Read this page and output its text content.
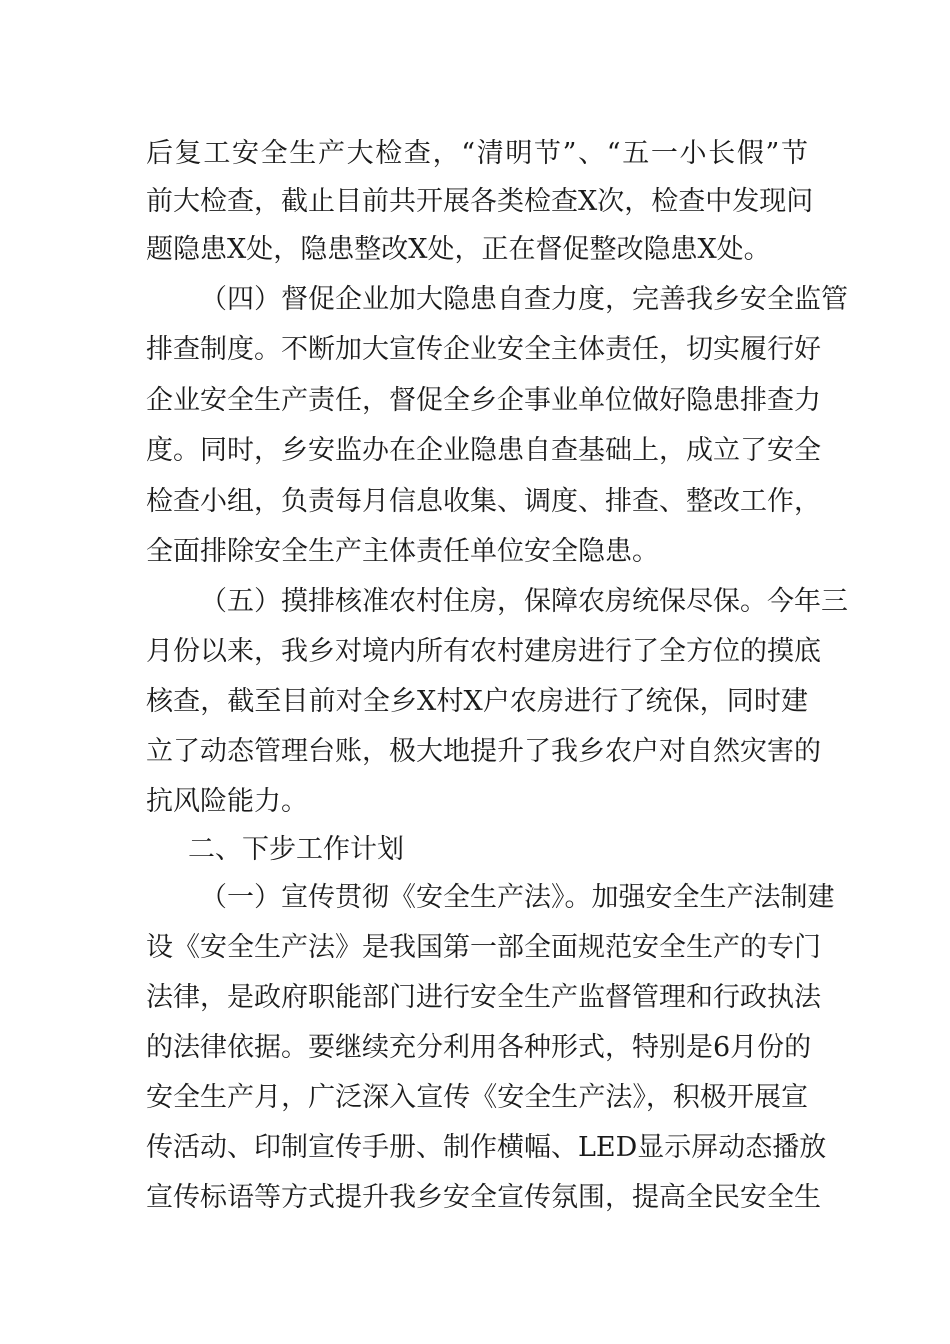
后复工安全生产大检查，“清明节”、“五一小长假”节
前大检查，截止目前共开展各类检查X次，检查中发现问
题隐患X处，隐患整改X处，正在督促整改隐患X处。
（四）督促企业加大隐患自查力度，完善我乡安全监管
排查制度。不断加大宣传企业安全主体责任，切实履行好
企业安全生产责任，督促全乡企事业单位做好隐患排查力
度。同时，乡安监办在企业隐患自查基础上，成立了安全
检查小组，负责每月信息收集、调度、排查、整改工作，
全面排除安全生产主体责任单位安全隐患。
（五）摸排核准农村住房，保障农房统保尽保。今年三
月份以来，我乡对境内所有农村建房进行了全方位的摸底
核查，截至目前对全乡X村X户农房进行了统保，同时建
立了动态管理台账，极大地提升了我乡农户对自然灾害的
抗风险能力。
二、下步工作计划
（一）宣传贯彻《安全生产法》。加强安全生产法制建
设《安全生产法》是我国第一部全面规范安全生产的专门
法律，是政府职能部门进行安全生产监督管理和行政执法
的法律依据。要继续充分利用各种形式，特别是6月份的
安全生产月，广泛深入宣传《安全生产法》，积极开展宣
传活动、印制宣传手册、制作横幅、LED显示屏动态播放
宣传标语等方式提升我乡安全宣传氛围，提高全民安全生
